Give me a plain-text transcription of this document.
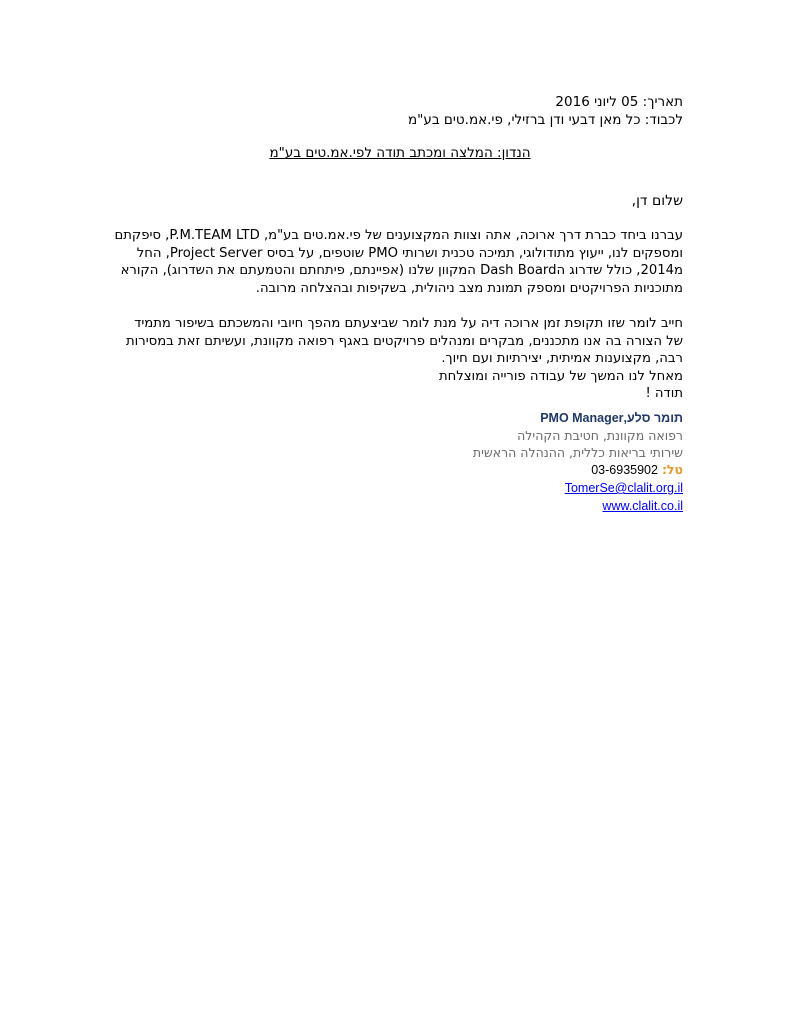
תאריך: 05 ליוני 2016
לכבוד: כל מאן דבעי ודן ברזילי, פי.אמ.טים בע"מ
הנדון: המלצה ומכתב תודה לפי.אמ.טים בע"מ
שלום דן,
עברנו ביחד כברת דרך ארוכה, אתה וצוות המקצוענים של פי.אמ.טים בע"מ, P.M.TEAM LTD, סיפקתם
ומספקים לנו, ייעוץ מתודולוגי, תמיכה טכנית ושרותי PMO שוטפים, על בסיס Project Server, החל
מ2014, כולל שדרוג הDash Board המקוון שלנו (אפיינתם, פיתחתם והטמעתם את השדרוג), הקורא
מתוכניות הפרויקטים ומספק תמונת מצב ניהולית, בשקיפות ובהצלחה מרובה.
חייב לומר שזו תקופת זמן ארוכה דיה על מנת לומר שביצעתם מהפך חיובי והמשכתם בשיפור מתמיד
של הצורה בה אנו מתכננים, מבקרים ומנהלים פרויקטים באגף רפואה מקוונת, ועשיתם זאת במסירות
רבה, מקצוענות אמיתית, יצירתיות ועם חיוך.
מאחל לנו המשך של עבודה פורייה ומוצלחת
תודה !
תומר סלע,PMO Manager
רפואה מקוונת, חטיבת הקהילה
שירותי בריאות כללית, ההנהלה הראשית
טל: 03-6935902
TomerSe@clalit.org.il
www.clalit.co.il
